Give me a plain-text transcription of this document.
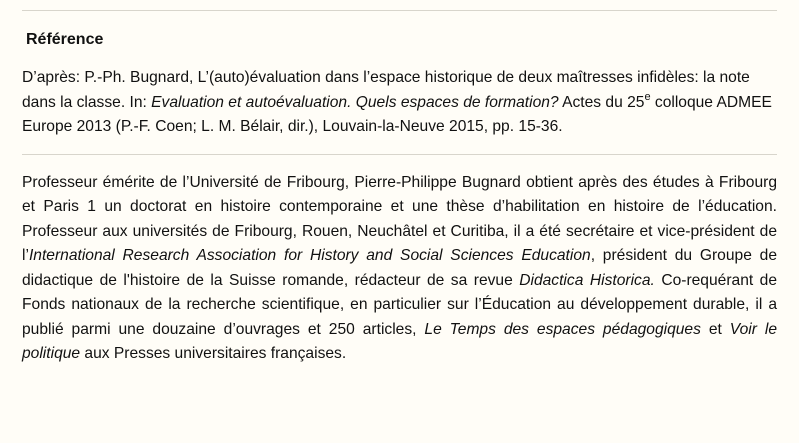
Référence

D’après: P.-Ph. Bugnard, L’(auto)évaluation dans l’espace historique de deux maîtresses infidèles: la note dans la classe. In: Evaluation et autoévaluation. Quels espaces de formation? Actes du 25e colloque ADMEE Europe 2013 (P.-F. Coen; L. M. Bélair, dir.), Louvain-la-Neuve 2015, pp. 15-36.

Professeur émérite de l’Université de Fribourg, Pierre-Philippe Bugnard obtient après des études à Fribourg et Paris 1 un doctorat en histoire contemporaine et une thèse d’habilitation en histoire de l’éducation. Professeur aux universités de Fribourg, Rouen, Neuchâtel et Curitiba, il a été secrétaire et vice-président de l’International Research Association for History and Social Sciences Education, président du Groupe de didactique de l'histoire de la Suisse romande, rédacteur de sa revue Didactica Historica. Co-requérant de Fonds nationaux de la recherche scientifique, en particulier sur l’Éducation au développement durable, il a publié parmi une douzaine d’ouvrages et 250 articles, Le Temps des espaces pédagogiques et Voir le politique aux Presses universitaires françaises.
